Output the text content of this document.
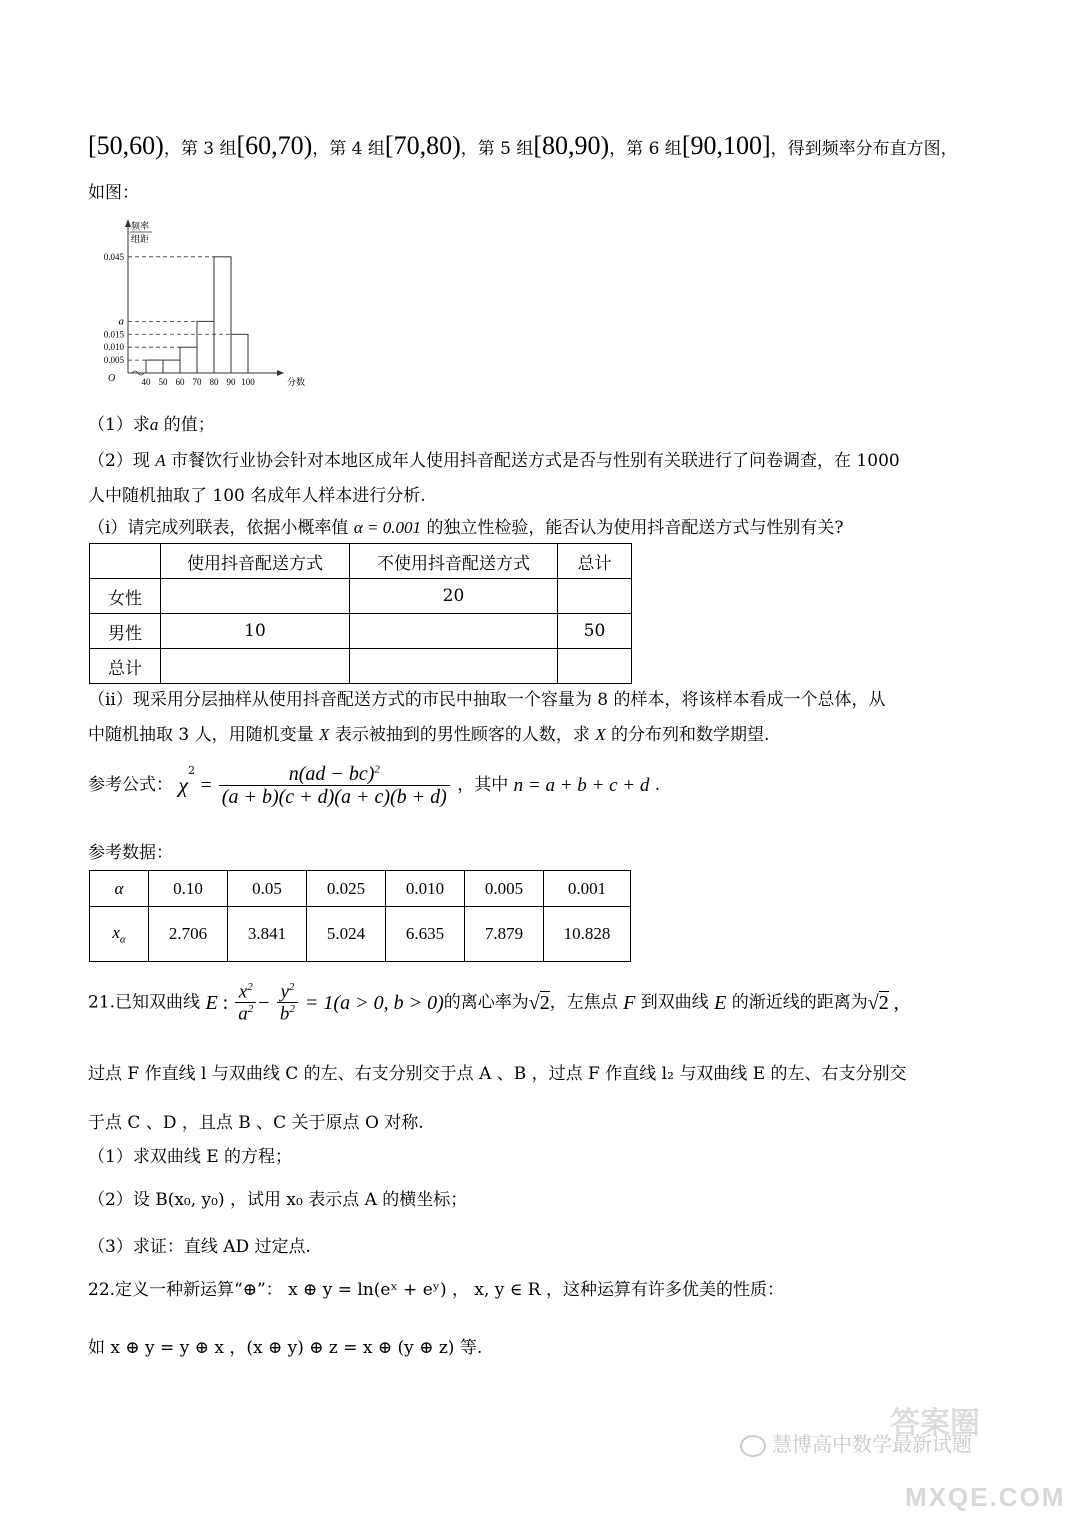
[50,60)，第 3 组[60,70)，第 4 组[70,80)，第 5 组[80,90)，第 6 组[90,100]，得到频率分布直方图，
如图：
频率
组距
O
0.045
a
0.015
0.010
0.005
40 50 60 70 80 90 100	分数
（1）求a 的值；
（2）现 A 市餐饮行业协会针对本地区成年人使用抖音配送方式是否与性别有关联进行了问卷调查，在 1000
人中随机抽取了 100 名成年人样本进行分析.
（i）请完成列联表，依据小概率值 α = 0.001 的独立性检验，能否认为使用抖音配送方式与性别有关?
	使用抖音配送方式	不使用抖音配送方式	总计
女性		20	
男性	10		50
总计			
（ii）现采用分层抽样从使用抖音配送方式的市民中抽取一个容量为 8 的样本，将该样本看成一个总体，从
中随机抽取 3 人，用随机变量 X 表示被抽到的男性顾客的人数，求 X 的分布列和数学期望.
参考公式： $\chi^2 = \frac{n(ad - bc)^2}{(a + b)(c + d)(a + c)(b + d)}$ ，其中 n = a + b + c + d .
参考数据：
α	0.10	0.05	0.025	0.010	0.005	0.001
$x_\alpha$	2.706	3.841	5.024	6.635	7.879	10.828
21.已知双曲线 E : $\frac{x^2}{a^2} - \frac{y^2}{b^2} = 1(a > 0$, b > 0)的离心率为√2，左焦点 F 到双曲线 E 的渐近线的距离为√2 ,
过点 F 作直线 l 与双曲线 C 的左、右支分别交于点 A 、B ，过点 F 作直线 l₂ 与双曲线 E 的左、右支分别交
于点 C 、D ，且点 B 、C 关于原点 O 对称.
（1）求双曲线 E 的方程；
（2）设 B(x₀, y₀) ，试用 x₀ 表示点 A 的横坐标；
（3）求证：直线 AD 过定点.
22.定义一种新运算“⊕”： x ⊕ y = ln(eˣ + eʸ) ， x, y ∈ R ，这种运算有许多优美的性质：
如 x ⊕ y = y ⊕ x ，(x ⊕ y) ⊕ z = x ⊕ (y ⊕ z) 等.
慧博高中数学最新试题
答案圈
MXQE.COM
